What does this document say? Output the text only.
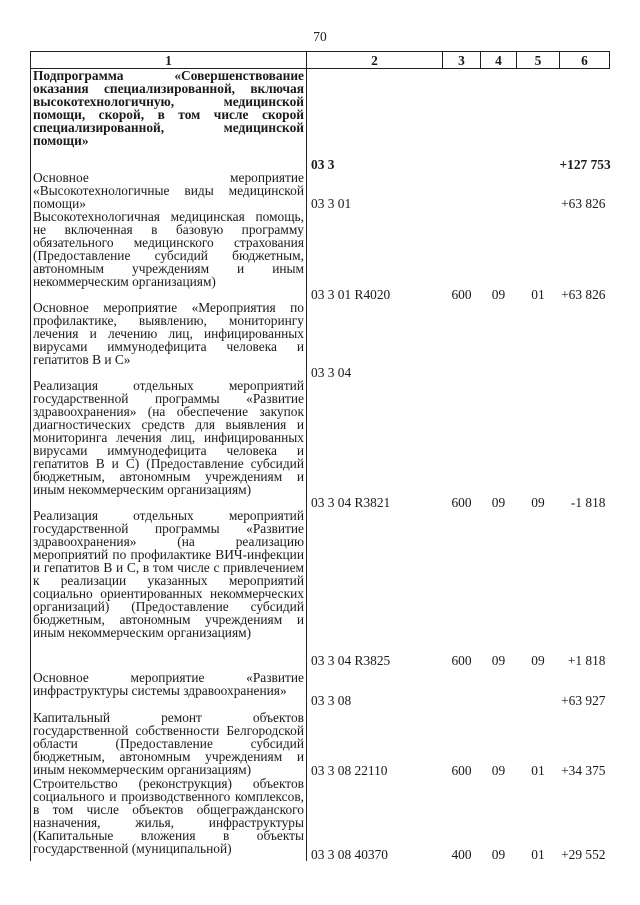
70
1	2	3	4	5	6
Подпрограмма «Совершенствование оказания специализированной, включая высокотехнологичную, медицинской помощи, скорой, в том числе скорой специализированной, медицинской помощи»	03 3				+127 753
Основное мероприятие «Высокотехнологичные виды медицинской помощи»	03 3 01				+63 826
Высокотехнологичная медицинская помощь, не включенная в базовую программу обязательного медицинского страхования (Предоставление субсидий бюджетным, автономным учреждениям и иным некоммерческим организациям)	03 3 01 R4020	600	09	01	+63 826
Основное мероприятие «Мероприятия по профилактике, выявлению, мониторингу лечения и лечению лиц, инфицированных вирусами иммунодефицита человека и гепатитов B и C»	03 3 04				
Реализация отдельных мероприятий государственной программы «Развитие здравоохранения» (на обеспечение закупок диагностических средств для выявления и мониторинга лечения лиц, инфицированных вирусами иммунодефицита человека и гепатитов B и C) (Предоставление субсидий бюджетным, автономным учреждениям и иным некоммерческим организациям)	03 3 04 R3821	600	09	09	-1 818
Реализация отдельных мероприятий государственной программы «Развитие здравоохранения» (на реализацию мероприятий по профилактике ВИЧ-инфекции и гепатитов B и C, в том числе с привлечением к реализации указанных мероприятий социально ориентированных некоммерческих организаций) (Предоставление субсидий бюджетным, автономным учреждениям и иным некоммерческим организациям)	03 3 04 R3825	600	09	09	+1 818
Основное мероприятие «Развитие инфраструктуры системы здравоохранения»	03 3 08				+63 927
Капитальный ремонт объектов государственной собственности Белгородской области (Предоставление субсидий бюджетным, автономным учреждениям и иным некоммерческим организациям)	03 3 08 22110	600	09	01	+34 375
Строительство (реконструкция) объектов социального и производственного комплексов, в том числе объектов общегражданского назначения, жилья, инфраструктуры (Капитальные вложения в объекты государственной (муниципальной)	03 3 08 40370	400	09	01	+29 552
